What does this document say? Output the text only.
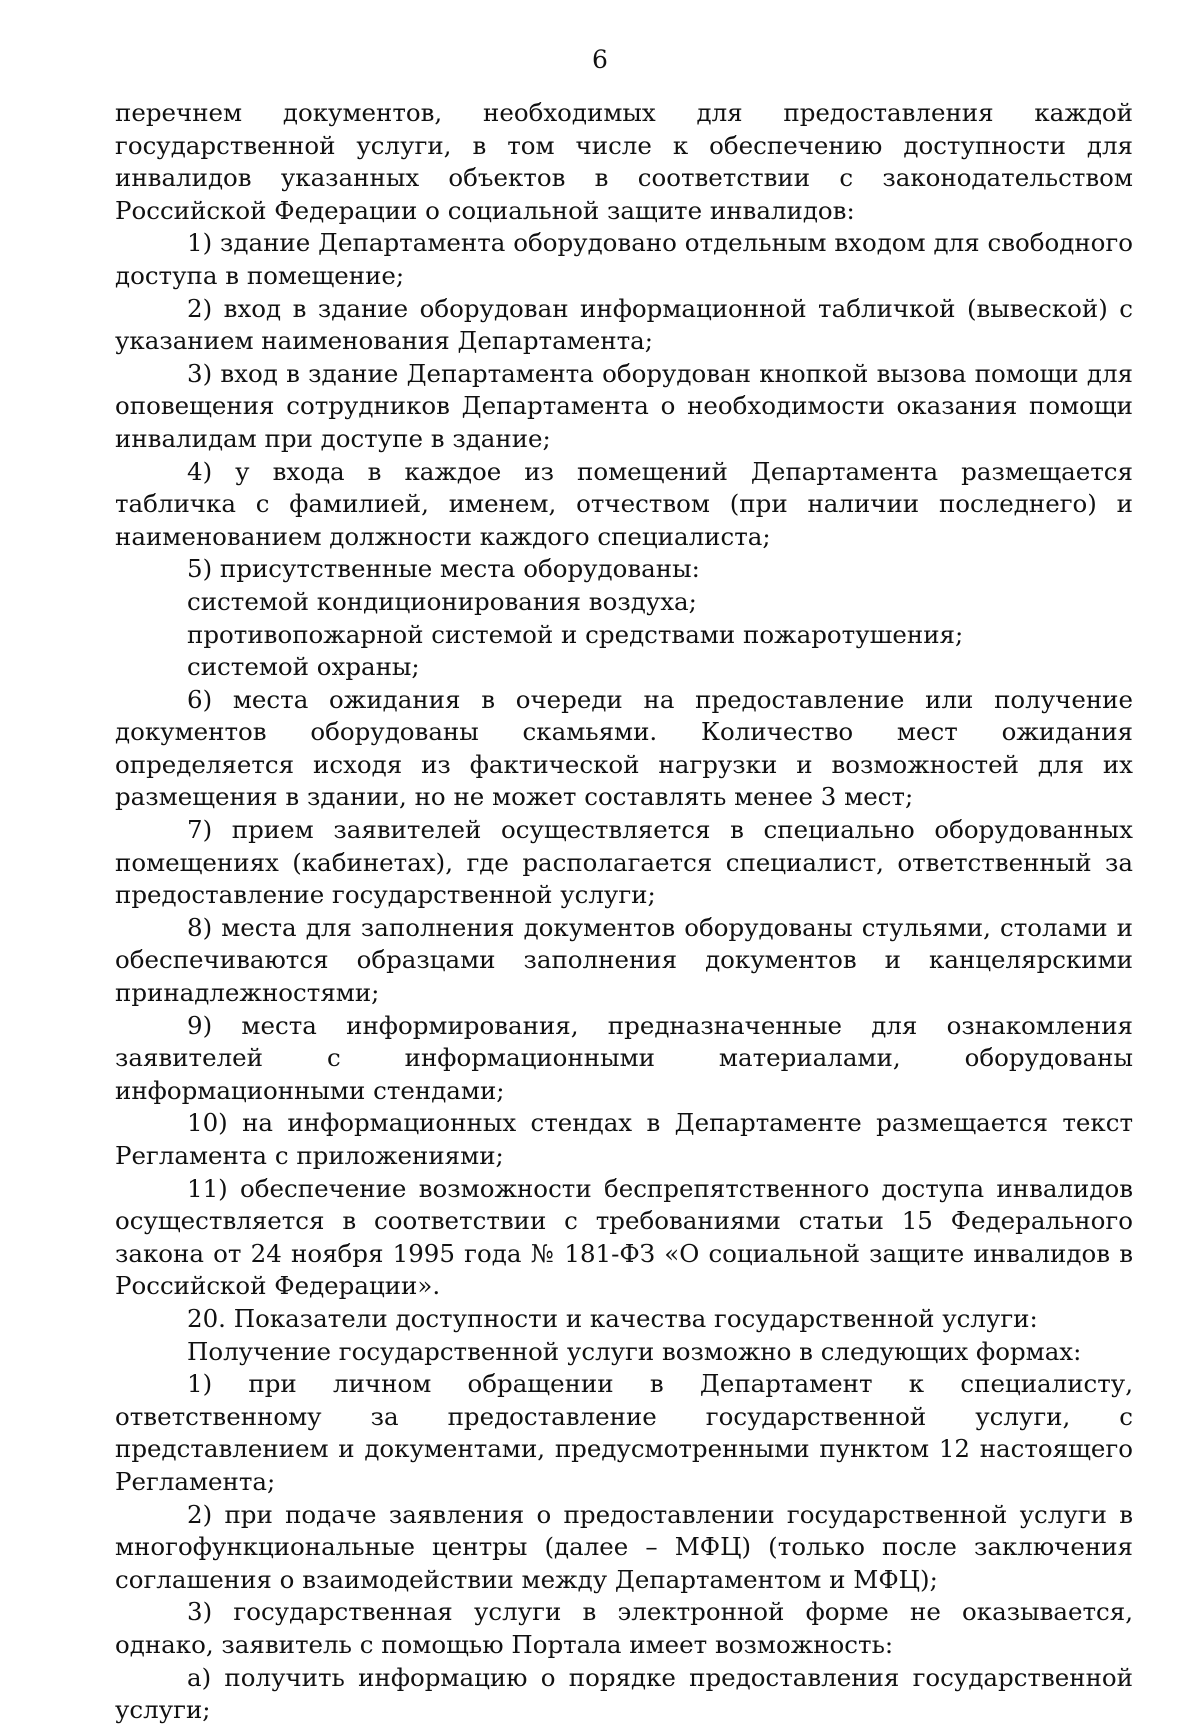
6

перечнем документов, необходимых для предоставления каждой государственной услуги, в том числе к обеспечению доступности для инвалидов указанных объектов в соответствии с законодательством Российской Федерации о социальной защите инвалидов:

1) здание Департамента оборудовано отдельным входом для свободного доступа в помещение;

2) вход в здание оборудован информационной табличкой (вывеской) с указанием наименования Департамента;

3) вход в здание Департамента оборудован кнопкой вызова помощи для оповещения сотрудников Департамента о необходимости оказания помощи инвалидам при доступе в здание;

4) у входа в каждое из помещений Департамента размещается табличка с фамилией, именем, отчеством (при наличии последнего) и наименованием должности каждого специалиста;

5) присутственные места оборудованы:

системой кондиционирования воздуха;

противопожарной системой и средствами пожаротушения;

системой охраны;

6) места ожидания в очереди на предоставление или получение документов оборудованы скамьями. Количество мест ожидания определяется исходя из фактической нагрузки и возможностей для их размещения в здании, но не может составлять менее 3 мест;

7) прием заявителей осуществляется в специально оборудованных помещениях (кабинетах), где располагается специалист, ответственный за предоставление государственной услуги;

8) места для заполнения документов оборудованы стульями, столами и обеспечиваются образцами заполнения документов и канцелярскими принадлежностями;

9) места информирования, предназначенные для ознакомления заявителей с информационными материалами, оборудованы информационными стендами;

10) на информационных стендах в Департаменте размещается текст Регламента с приложениями;

11) обеспечение возможности беспрепятственного доступа инвалидов осуществляется в соответствии с требованиями статьи 15 Федерального закона от 24 ноября 1995 года № 181-ФЗ «О социальной защите инвалидов в Российской Федерации».

20. Показатели доступности и качества государственной услуги:

Получение государственной услуги возможно в следующих формах:

1) при личном обращении в Департамент к специалисту, ответственному за предоставление государственной услуги, с представлением и документами, предусмотренными пунктом 12 настоящего Регламента;

2) при подаче заявления о предоставлении государственной услуги в многофункциональные центры (далее – МФЦ) (только после заключения соглашения о взаимодействии между Департаментом и МФЦ);

3) государственная услуги в электронной форме не оказывается, однако, заявитель с помощью Портала имеет возможность:

а) получить информацию о порядке предоставления государственной услуги;
